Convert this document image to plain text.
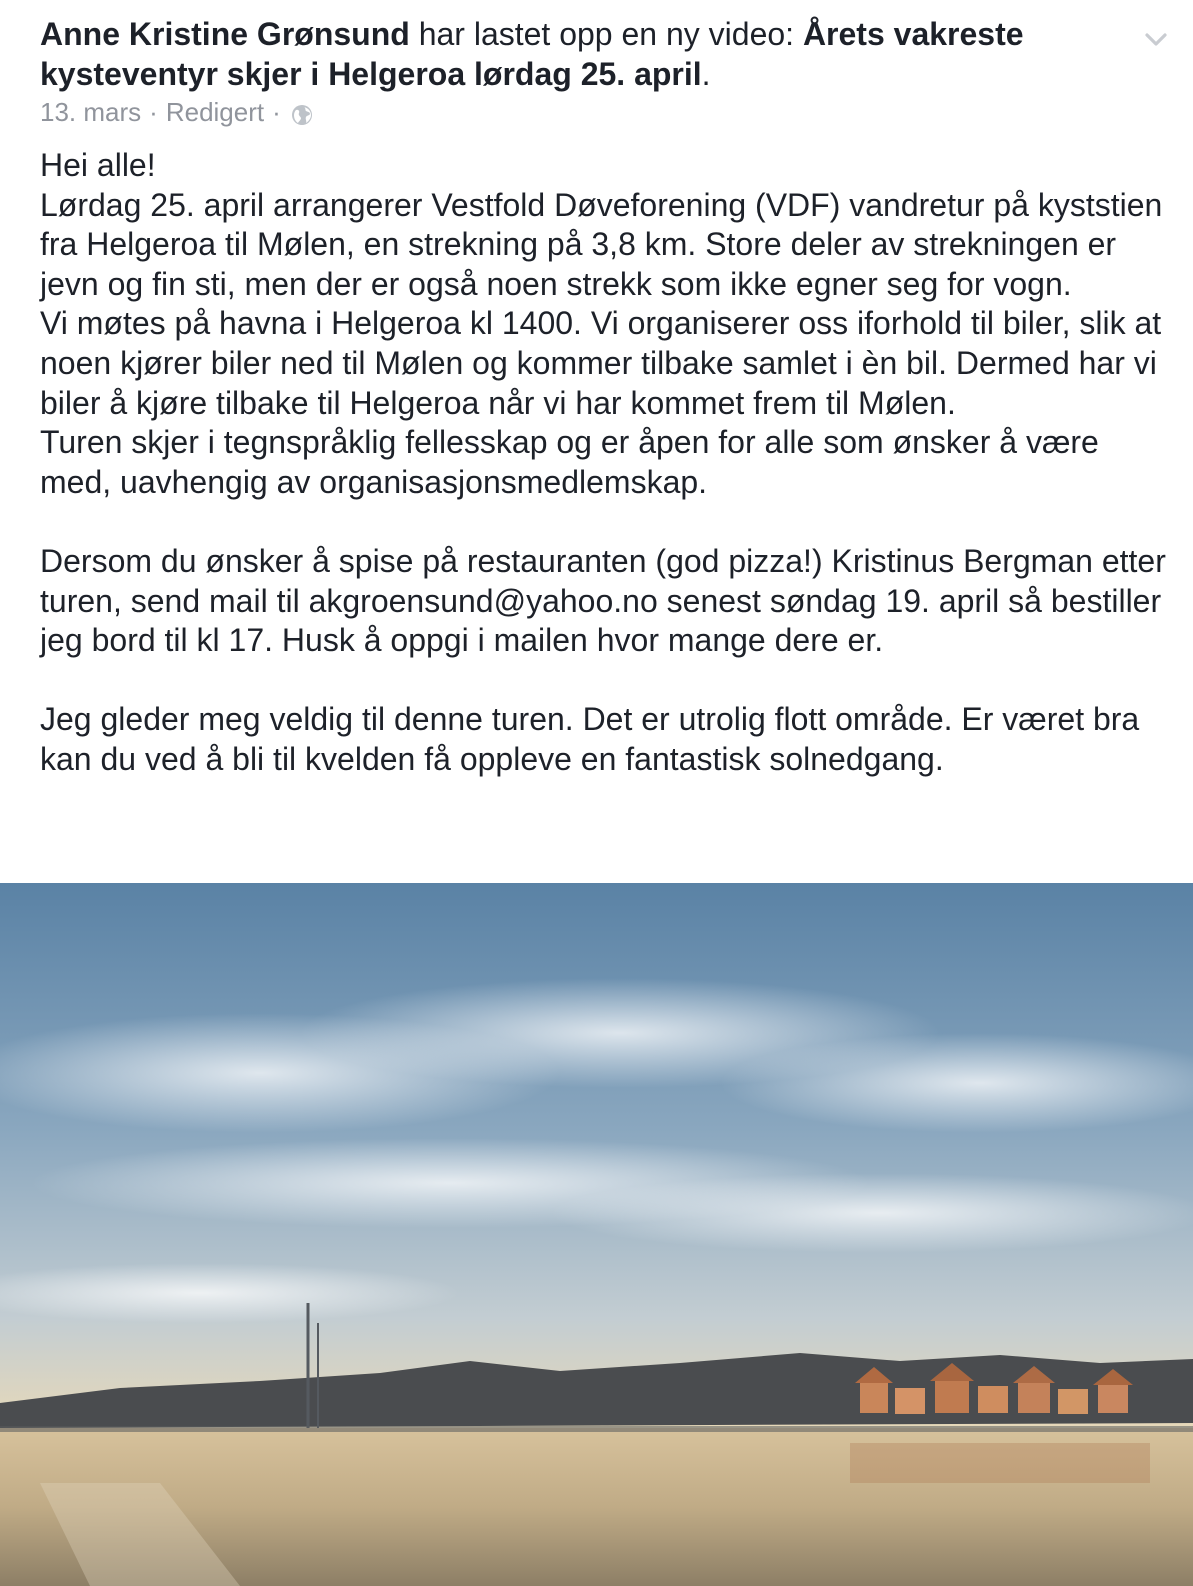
Anne Kristine Grønsund har lastet opp en ny video: Årets vakreste kysteventyr skjer i Helgeroa lørdag 25. april.
13. mars · Redigert ·

Hei alle!

Lørdag 25. april arrangerer Vestfold Døveforening (VDF) vandretur på kyststien fra Helgeroa til Mølen, en strekning på 3,8 km. Store deler av strekningen er jevn og fin sti, men der er også noen strekk som ikke egner seg for vogn.

Vi møtes på havna i Helgeroa kl 1400. Vi organiserer oss iforhold til biler, slik at noen kjører biler ned til Mølen og kommer tilbake samlet i èn bil. Dermed har vi biler å kjøre tilbake til Helgeroa når vi har kommet frem til Mølen.

Turen skjer i tegnspråklig fellesskap og er åpen for alle som ønsker å være med, uavhengig av organisasjonsmedlemskap.

Dersom du ønsker å spise på restauranten (god pizza!) Kristinus Bergman etter turen, send mail til akgroensund@yahoo.no senest søndag 19. april så bestiller jeg bord til kl 17. Husk å oppgi i mailen hvor mange dere er.

Jeg gleder meg veldig til denne turen. Det er utrolig flott område. Er været bra kan du ved å bli til kvelden få oppleve en fantastisk solnedgang.
